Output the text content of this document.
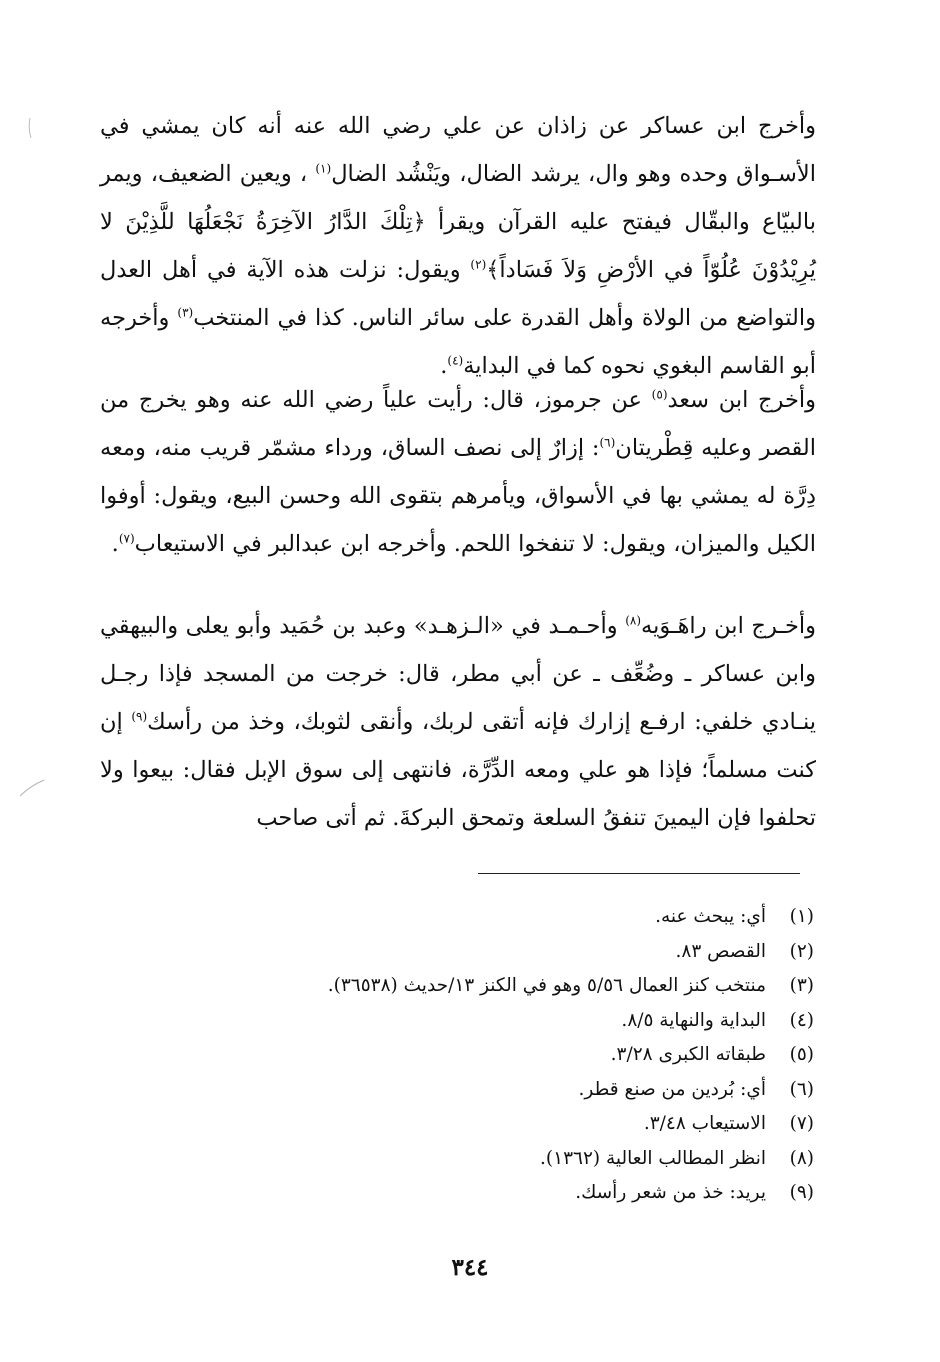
وأخرج ابن عساكر عن زاذان عن علي رضي الله عنه أنه كان يمشي في الأسـواق وحده وهو وال، يرشد الضال، ويَنْشُد الضال$^{(١)}$ ، ويعين الضعيف، ويمر بالبيّاع والبقّال فيفتح عليه القرآن ويقرأ ﴿تِلْكَ الدَّارُ الآخِرَةُ نَجْعَلُهَا للَّذِيْنَ لا يُرِيْدُوْنَ عُلُوّاً في الأرْضِ وَلاَ فَسَاداً﴾$^{(٢)}$ ويقول: نزلت هذه الآية في أهل العدل والتواضع من الولاة وأهل القدرة على سائر الناس. كذا في المنتخب$^{(٣)}$ وأخرجه أبو القاسم البغوي نحوه كما في البداية$^{(٤)}$.

وأخرج ابن سعد$^{(٥)}$ عن جرموز، قال: رأيت علياً رضي الله عنه وهو يخرج من القصر وعليه قِطْريتان$^{(٦)}$: إزارٌ إلى نصف الساق، ورداء مشمّر قريب منه، ومعه دِرَّة له يمشي بها في الأسواق، ويأمرهم بتقوى الله وحسن البيع، ويقول: أوفوا الكيل والميزان، ويقول: لا تنفخوا اللحم. وأخرجه ابن عبدالبر في الاستيعاب$^{(٧)}$.

وأخـرج ابن راهَـوَيه$^{(٨)}$ وأحـمـد في «الـزهـد» وعبد بن حُمَيد وأبو يعلى والبيهقي وابن عساكر ـ وضُعِّف ـ عن أبي مطر، قال: خرجت من المسجد فإذا رجـل ينـادي خلفي: ارفـع إزارك فإنه أتقى لربك، وأنقى لثوبك، وخذ من رأسك$^{(٩)}$ إن كنت مسلماً؛ فإذا هو علي ومعه الدِّرَّة، فانتهى إلى سوق الإبل فقال: بيعوا ولا تحلفوا فإن اليمينَ تنفقُ السلعة وتمحق البركةَ. ثم أتى صاحب

(١)
أي: يبحث عنه.
(٢)
القصص ٨٣.
(٣)
منتخب كنز العمال ٥/٥٦ وهو في الكنز ١٣/حديث (٣٦٥٣٨).
(٤)
البداية والنهاية ٨/٥.
(٥)
طبقاته الكبرى ٣/٢٨.
(٦)
أي: بُردين من صنع قطر.
(٧)
الاستيعاب ٣/٤٨.
(٨)
انظر المطالب العالية (١٣٦٢).
(٩)
يريد: خذ من شعر رأسك.
٣٤٤
